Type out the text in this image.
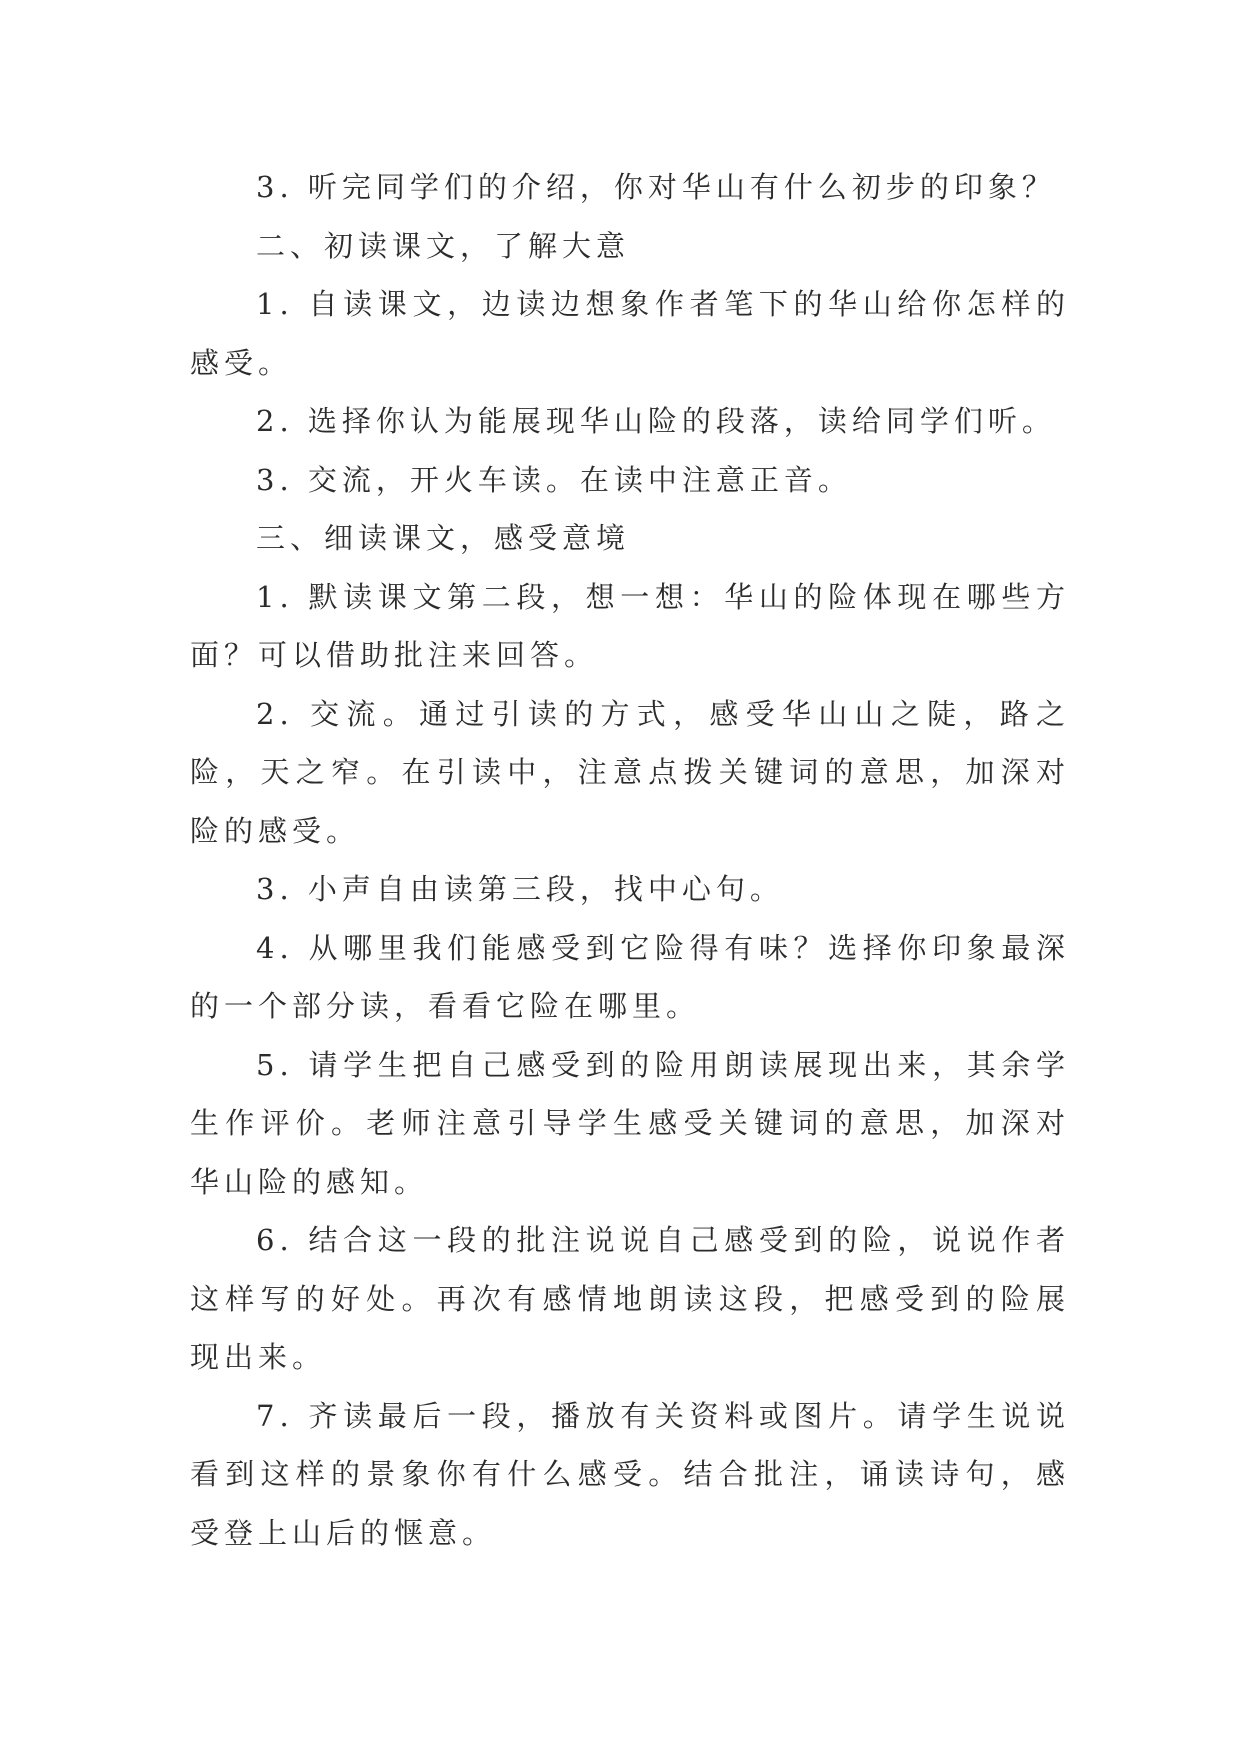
3. 听完同学们的介绍，你对华山有什么初步的印象？

二、初读课文，了解大意

1. 自读课文，边读边想象作者笔下的华山给你怎样的感受。

2. 选择你认为能展现华山险的段落，读给同学们听。

3. 交流，开火车读。在读中注意正音。

三、细读课文，感受意境

1. 默读课文第二段，想一想：华山的险体现在哪些方面？可以借助批注来回答。

2. 交流。通过引读的方式，感受华山山之陡，路之险，天之窄。在引读中，注意点拨关键词的意思，加深对险的感受。

3. 小声自由读第三段，找中心句。

4. 从哪里我们能感受到它险得有味？选择你印象最深的一个部分读，看看它险在哪里。

5. 请学生把自己感受到的险用朗读展现出来，其余学生作评价。老师注意引导学生感受关键词的意思，加深对华山险的感知。

6. 结合这一段的批注说说自己感受到的险，说说作者这样写的好处。再次有感情地朗读这段，把感受到的险展现出来。

7. 齐读最后一段，播放有关资料或图片。请学生说说看到这样的景象你有什么感受。结合批注，诵读诗句，感受登上山后的惬意。
